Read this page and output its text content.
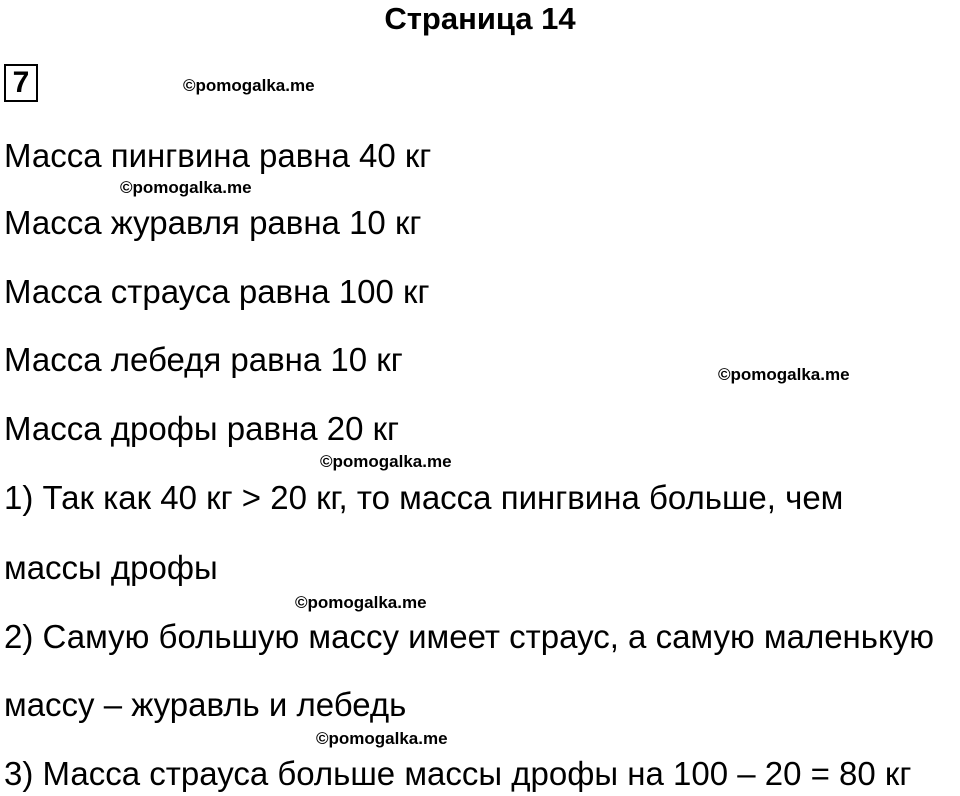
Страница 14
7	©pomogalka.me
©pomogalka.me
©pomogalka.me
©pomogalka.me
©pomogalka.me
©pomogalka.me
Масса пингвина равна 40 кг
Масса журавля равна 10 кг
Масса страуса равна 100 кг
Масса лебедя равна 10 кг
Масса дрофы равна 20 кг
1) Так как 40 кг > 20 кг, то масса пингвина больше, чем
массы дрофы
2) Самую большую массу имеет страус, а самую маленькую
массу – журавль и лебедь
3) Масса страуса больше массы дрофы на 100 – 20 = 80 кг
